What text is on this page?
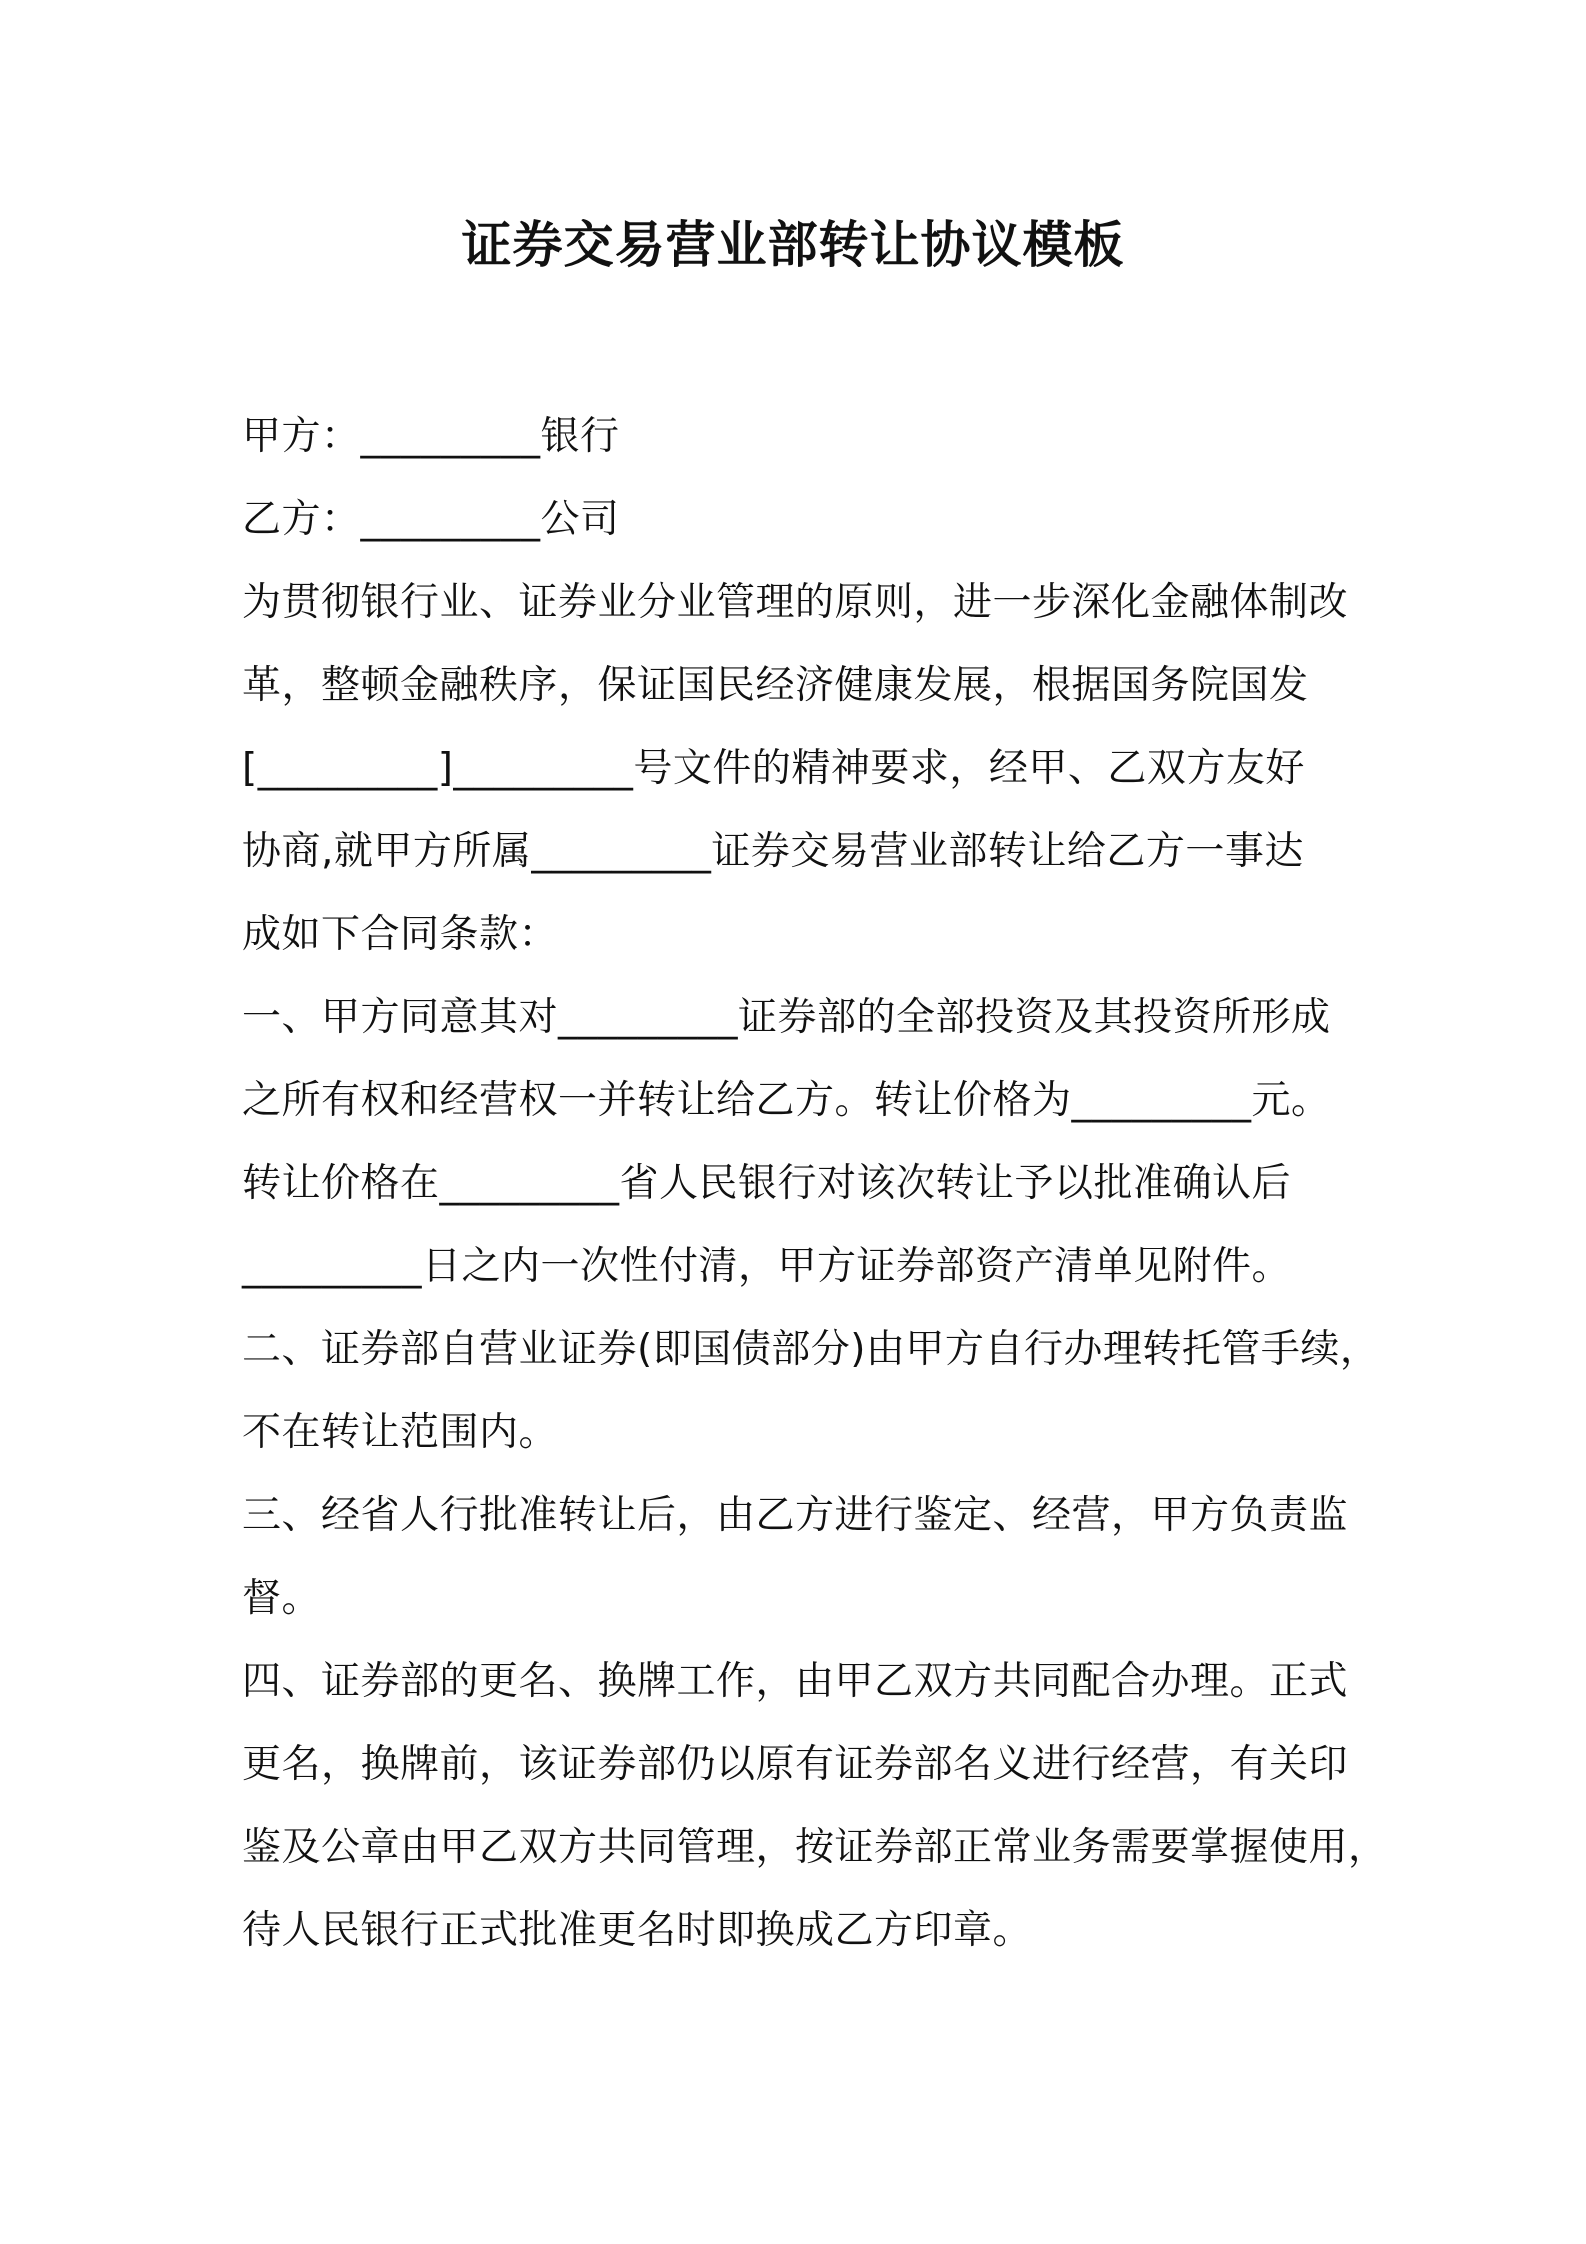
证券交易营业部转让协议模板
甲方：_________银行
乙方：_________公司
为贯彻银行业、证券业分业管理的原则，进一步深化金融体制改
革，整顿金融秩序，保证国民经济健康发展，根据国务院国发
[_________]_________号文件的精神要求，经甲、乙双方友好
协商,就甲方所属_________证券交易营业部转让给乙方一事达
成如下合同条款：
一、甲方同意其对_________证券部的全部投资及其投资所形成
之所有权和经营权一并转让给乙方。转让价格为_________元。
转让价格在_________省人民银行对该次转让予以批准确认后
_________日之内一次性付清，甲方证券部资产清单见附件。
二、证券部自营业证券(即国债部分)由甲方自行办理转托管手续，
不在转让范围内。
三、经省人行批准转让后，由乙方进行鉴定、经营，甲方负责监
督。
四、证券部的更名、换牌工作，由甲乙双方共同配合办理。正式
更名，换牌前，该证券部仍以原有证券部名义进行经营，有关印
鉴及公章由甲乙双方共同管理，按证券部正常业务需要掌握使用，
待人民银行正式批准更名时即换成乙方印章。
